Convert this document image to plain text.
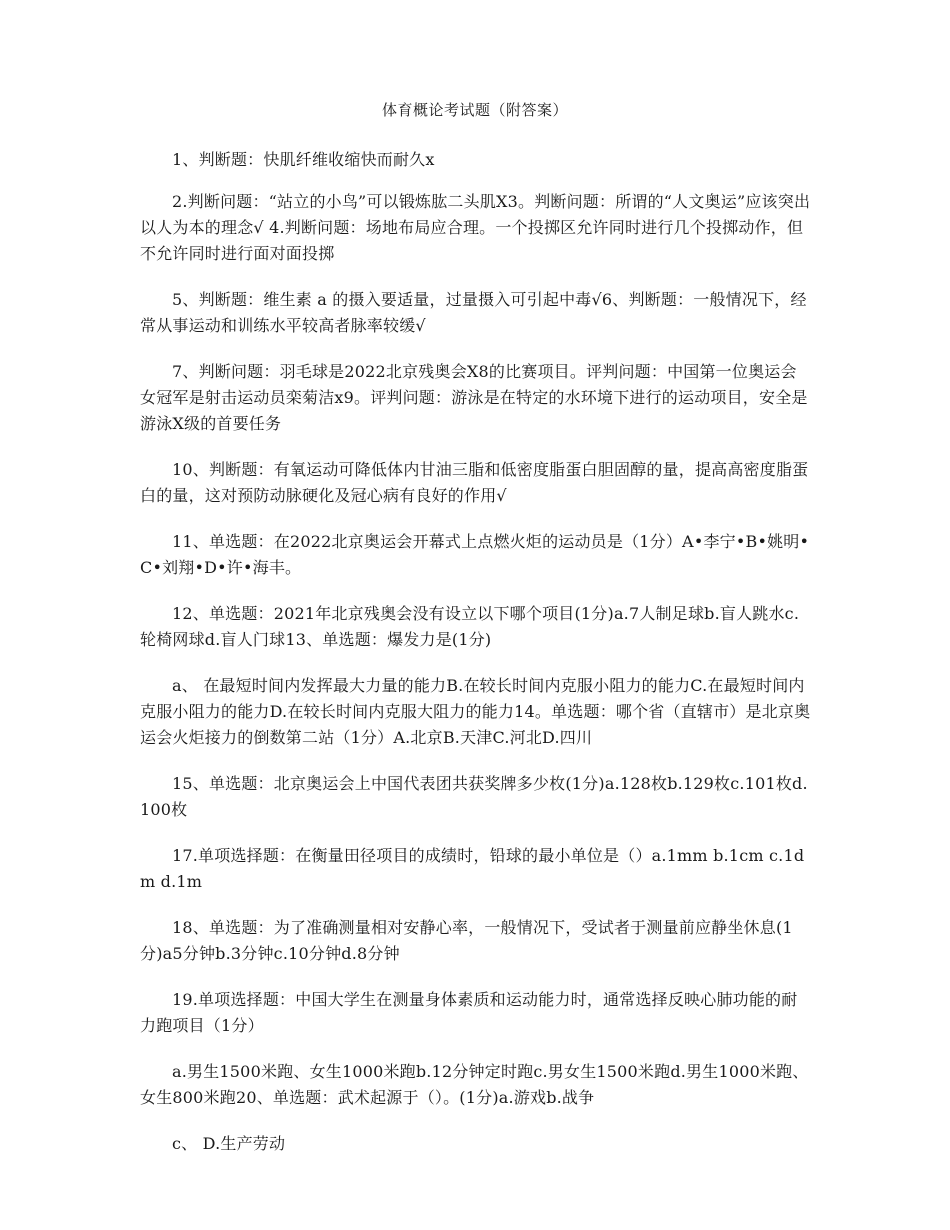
体育概论考试题（附答案）

1、判断题：快肌纤维收缩快而耐久x

2.判断问题：“站立的小鸟”可以锻炼肱二头肌X3。判断问题：所谓的“人文奥运”应该突出以人为本的理念√ 4.判断问题：场地布局应合理。一个投掷区允许同时进行几个投掷动作，但不允许同时进行面对面投掷

5、判断题：维生素 a 的摄入要适量，过量摄入可引起中毒√6、判断题：一般情况下，经常从事运动和训练水平较高者脉率较缓√

7、判断问题：羽毛球是2022北京残奥会X8的比赛项目。评判问题：中国第一位奥运会女冠军是射击运动员栾菊洁x9。评判问题：游泳是在特定的水环境下进行的运动项目，安全是游泳X级的首要任务

10、判断题：有氧运动可降低体内甘油三脂和低密度脂蛋白胆固醇的量，提高高密度脂蛋白的量，这对预防动脉硬化及冠心病有良好的作用√

11、单选题：在2022北京奥运会开幕式上点燃火炬的运动员是（1分）A•李宁•B•姚明•C•刘翔•D•许•海丰。

12、单选题：2021年北京残奥会没有设立以下哪个项目(1分)a.7人制足球b.盲人跳水c.轮椅网球d.盲人门球13、单选题：爆发力是(1分)

a、 在最短时间内发挥最大力量的能力B.在较长时间内克服小阻力的能力C.在最短时间内克服小阻力的能力D.在较长时间内克服大阻力的能力14。单选题：哪个省（直辖市）是北京奥运会火炬接力的倒数第二站（1分）A.北京B.天津C.河北D.四川

15、单选题：北京奥运会上中国代表团共获奖牌多少枚(1分)a.128枚b.129枚c.101枚d.100枚

17.单项选择题：在衡量田径项目的成绩时，铅球的最小单位是（）a.1mm b.1cm c.1dm d.1m

18、单选题：为了准确测量相对安静心率，一般情况下，受试者于测量前应静坐休息(1分)a5分钟b.3分钟c.10分钟d.8分钟

19.单项选择题：中国大学生在测量身体素质和运动能力时，通常选择反映心肺功能的耐力跑项目（1分）

a.男生1500米跑、女生1000米跑b.12分钟定时跑c.男女生1500米跑d.男生1000米跑、女生800米跑20、单选题：武术起源于（）。(1分)a.游戏b.战争

c、 D.生产劳动
